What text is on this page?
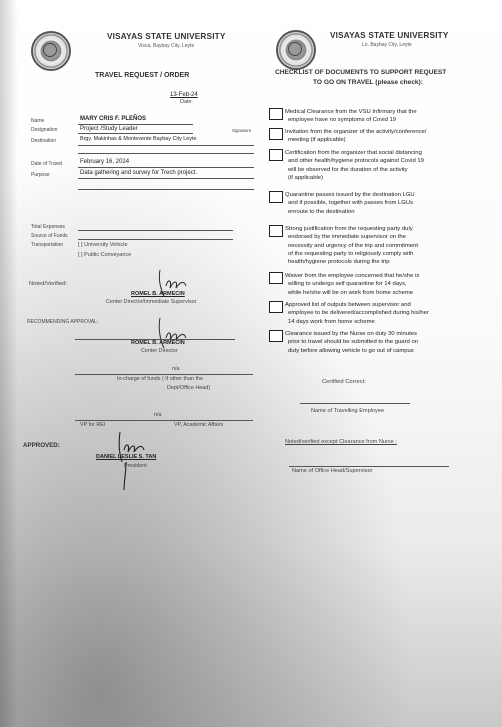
VISAYAS STATE UNIVERSITY
Visca, Baybay City, Leyte
TRAVEL REQUEST / ORDER
13-Feb-24
Date
Name	MARY CRIS F. PLEÑOS
Designation	Project /Study Leader	Signature
Destination	Brgy. Makinhas & Montevente Baybay City Leyte
Date of Travel	February 16, 2024
Purpose	Data gathering and survey for Trech project.
Total Expenses
Source of Funds
Transportation	[ ] University Vehicle
[ ] Public Conveyance
Noted/Verified:
ROMEL B. ARMECIN
Center Director/Immediate Supervisor
RECOMMENDING APPROVAL:
ROMEL B. ARMECIN
Center Director
n/a
In-charge of funds ( If other than the
Dept/Office Head)
n/a
VP for REI	VP, Academic Affairs
APPROVED:
DANIEL LESLIE S. TAN
President
VISAYAS STATE UNIVERSITY
Lo. Baybay City, Leyte
CHECKLIST OF DOCUMENTS TO SUPPORT REQUEST
TO GO ON TRAVEL (please check):
Certified Correct:
Name of Travelling Employee
Noted/verified except Clearance from Nurse :
Name of Office Head/Supervisor
Medical Clearance from the VSU Infirmary that the
employee have no symptoms of Covid 19
Invitation from the organizer of the activity/conference/
meeting (if applicable)
Certification from the organizer that social distancing
and other health/hygiene protocols against Covid 19
will be observed for the duration of the activity
(if applicable)
Quarantine passes issued by the destination LGU
and if possible, together with passes from LGUs
enroute to the destination
Strong justification from the requesting party duly
endorsed by the immediate supervisor on the
necessity and urgency of the trip and commitment
of the requesting party to religiously comply with
health/hygiene protocols during the trip
Waiver from the employee concerned that he/she is
willing to undergo self quarantine for 14 days,
while he/she will be on work from home scheme
Approved list of outputs between supervisor and
employee to be delivered/accomplished during his/her
14 days work from home scheme
Clearance issued by the Nurse on duty 30 minutes
prior to travel should be submitted to the guard on
duty before allowing vehicle to go out of campus
